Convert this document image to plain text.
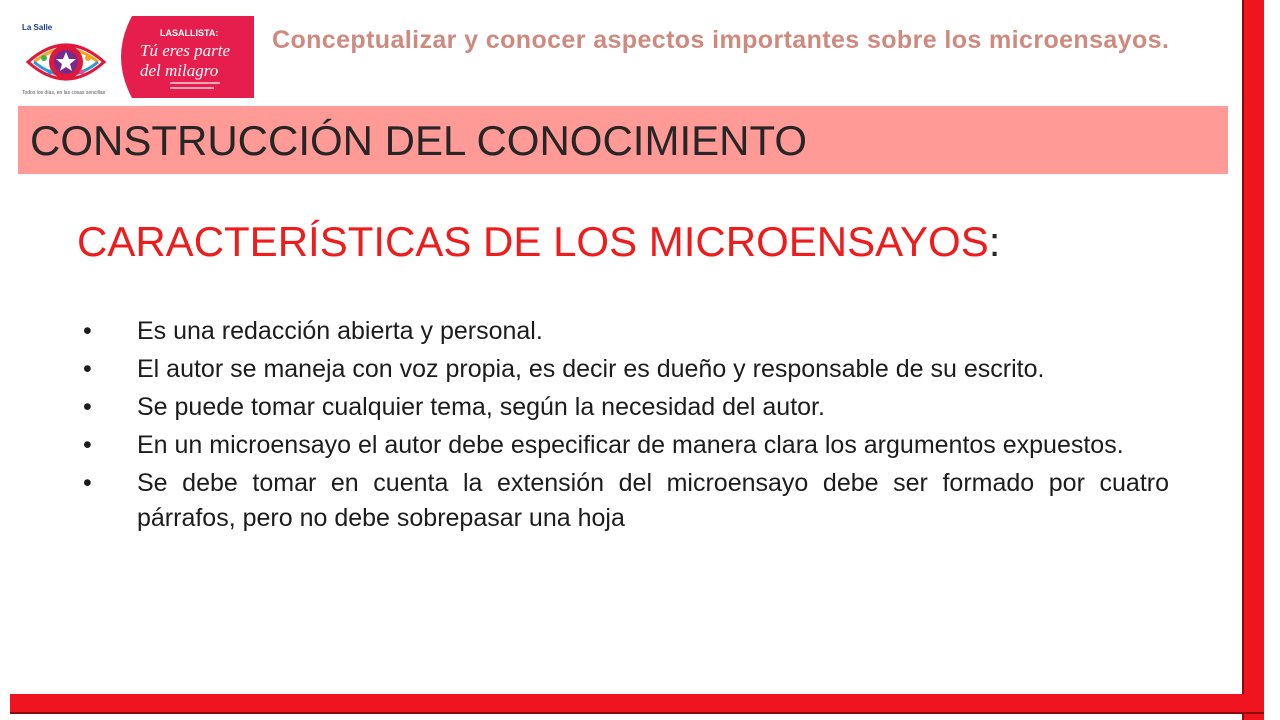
La Salle
Todos los días, en las cosas sencillas
LASALLISTA:
Tú eres parte
del milagro

Conceptualizar y conocer aspectos importantes sobre los microensayos.

CONSTRUCCIÓN DEL CONOCIMIENTO
CARACTERÍSTICAS DE LOS MICROENSAYOS:
• Es una redacción abierta y personal.
• El autor se maneja con voz propia, es decir es dueño y responsable de su escrito.
• Se puede tomar cualquier tema, según la necesidad del autor.
• En un microensayo el autor debe especificar de manera clara los argumentos expuestos.
• Se debe tomar en cuenta la extensión del microensayo debe ser formado por cuatro párrafos, pero no debe sobrepasar una hoja
